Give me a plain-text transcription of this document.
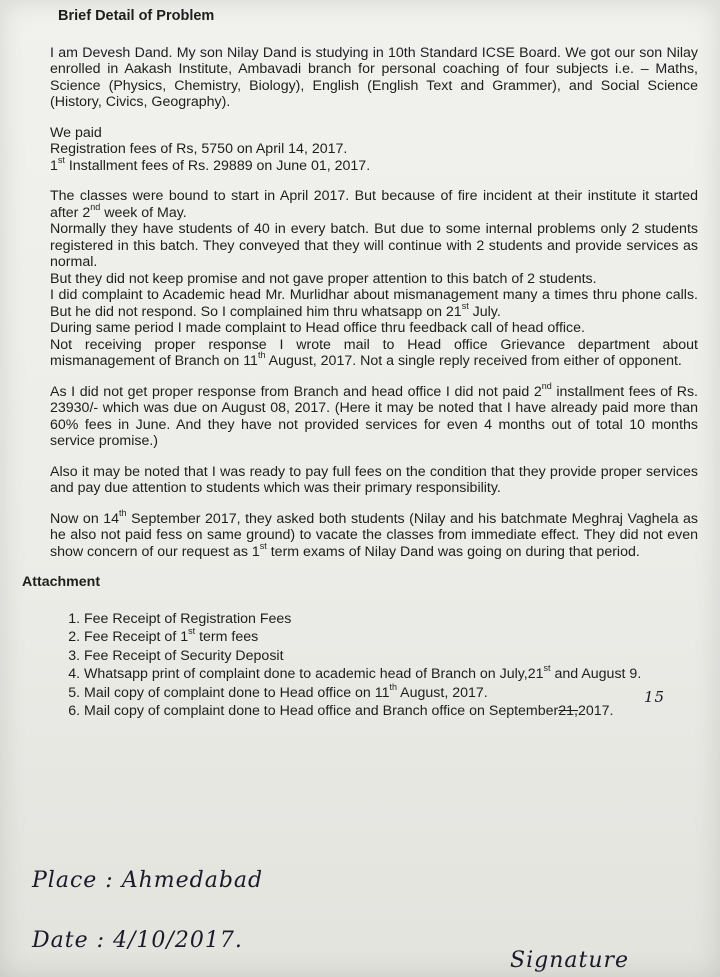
Brief Detail of Problem

I am Devesh Dand. My son Nilay Dand is studying in 10th Standard ICSE Board. We got our son Nilay enrolled in Aakash Institute, Ambavadi branch for personal coaching of four subjects i.e. – Maths, Science (Physics, Chemistry, Biology), English (English Text and Grammer), and Social Science (History, Civics, Geography).

We paid

Registration fees of Rs, 5750 on April 14, 2017.

1st Installment fees of Rs. 29889 on June 01, 2017.

The classes were bound to start in April 2017. But because of fire incident at their institute it started after 2nd week of May.

Normally they have students of 40 in every batch. But due to some internal problems only 2 students registered in this batch. They conveyed that they will continue with 2 students and provide services as normal.

But they did not keep promise and not gave proper attention to this batch of 2 students.

I did complaint to Academic head Mr. Murlidhar about mismanagement many a times thru phone calls. But he did not respond. So I complained him thru whatsapp on 21st July.

During same period I made complaint to Head office thru feedback call of head office.

Not receiving proper response I wrote mail to Head office Grievance department about mismanagement of Branch on 11th August, 2017. Not a single reply received from either of opponent.

As I did not get proper response from Branch and head office I did not paid 2nd installment fees of Rs. 23930/- which was due on August 08, 2017. (Here it may be noted that I have already paid more than 60% fees in June. And they have not provided services for even 4 months out of total 10 months service promise.)

Also it may be noted that I was ready to pay full fees on the condition that they provide proper services and pay due attention to students which was their primary responsibility.

Now on 14th September 2017, they asked both students (Nilay and his batchmate Meghraj Vaghela as he also not paid fess on same ground) to vacate the classes from immediate effect. They did not even show concern of our request as 1st term exams of Nilay Dand was going on during that period.

Attachment
1. Fee Receipt of Registration Fees
2. Fee Receipt of 1st term fees
3. Fee Receipt of Security Deposit
4. Whatsapp print of complaint done to academic head of Branch on July,21st and August 9.
5. Mail copy of complaint done to Head office on 11th August, 2017.
6. Mail copy of complaint done to Head office and Branch office on September21,2017.
15
Place : Ahmedabad
Date : 4/10/2017.
Signature
